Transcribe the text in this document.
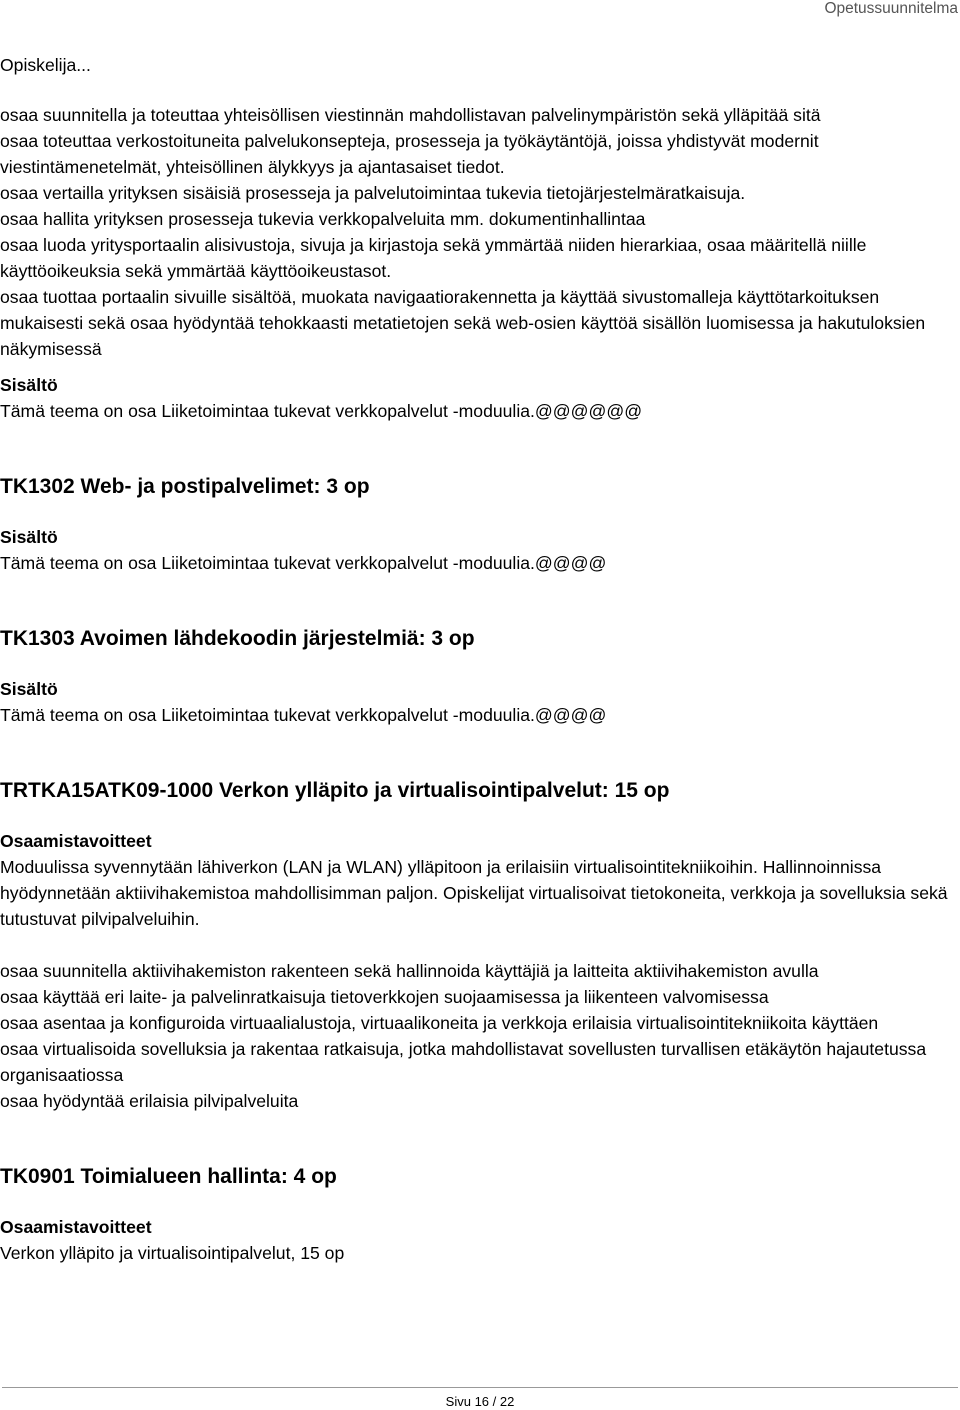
Opetussuunnitelma

Opiskelija...

osaa suunnitella ja toteuttaa yhteisöllisen viestinnän mahdollistavan palvelinympäristön sekä ylläpitää sitä

osaa toteuttaa verkostoituneita palvelukonsepteja, prosesseja ja työkäytäntöjä, joissa yhdistyvät modernit viestintämenetelmät, yhteisöllinen älykkyys ja ajantasaiset tiedot.

osaa vertailla yrityksen sisäisiä prosesseja ja palvelutoimintaa tukevia tietojärjestelmäratkaisuja.

osaa hallita yrityksen prosesseja tukevia verkkopalveluita mm. dokumentinhallintaa

osaa luoda yritysportaalin alisivustoja, sivuja ja kirjastoja sekä ymmärtää niiden hierarkiaa, osaa määritellä niille käyttöoikeuksia sekä ymmärtää käyttöoikeustasot.

osaa tuottaa portaalin sivuille sisältöä, muokata navigaatiorakennetta ja käyttää sivustomalleja käyttötarkoituksen mukaisesti sekä osaa hyödyntää tehokkaasti metatietojen sekä web-osien käyttöä sisällön luomisessa ja hakutuloksien näkymisessä

Sisältö

Tämä teema on osa Liiketoimintaa tukevat verkkopalvelut -moduulia.@@@@@@

TK1302 Web- ja postipalvelimet: 3 op

Sisältö

Tämä teema on osa Liiketoimintaa tukevat verkkopalvelut -moduulia.@@@@

TK1303 Avoimen lähdekoodin järjestelmiä: 3 op

Sisältö

Tämä teema on osa Liiketoimintaa tukevat verkkopalvelut -moduulia.@@@@

TRTKA15ATK09-1000 Verkon ylläpito ja virtualisointipalvelut: 15 op

Osaamistavoitteet

Moduulissa syvennytään lähiverkon (LAN ja WLAN) ylläpitoon ja erilaisiin virtualisointitekniikoihin. Hallinnoinnissa hyödynnetään aktiivihakemistoa mahdollisimman paljon. Opiskelijat virtualisoivat tietokoneita, verkkoja ja sovelluksia sekä tutustuvat pilvipalveluihin.

osaa suunnitella aktiivihakemiston rakenteen sekä hallinnoida käyttäjiä ja laitteita aktiivihakemiston avulla

osaa käyttää eri laite- ja palvelinratkaisuja tietoverkkojen suojaamisessa ja liikenteen valvomisessa

osaa asentaa ja konfiguroida virtuaalialustoja, virtuaalikoneita ja verkkoja erilaisia virtualisointitekniikoita käyttäen

osaa virtualisoida sovelluksia ja rakentaa ratkaisuja, jotka mahdollistavat sovellusten turvallisen etäkäytön hajautetussa organisaatiossa

osaa hyödyntää erilaisia pilvipalveluita

TK0901 Toimialueen hallinta: 4 op

Osaamistavoitteet

Verkon ylläpito ja virtualisointipalvelut, 15 op

Sivu 16 / 22
